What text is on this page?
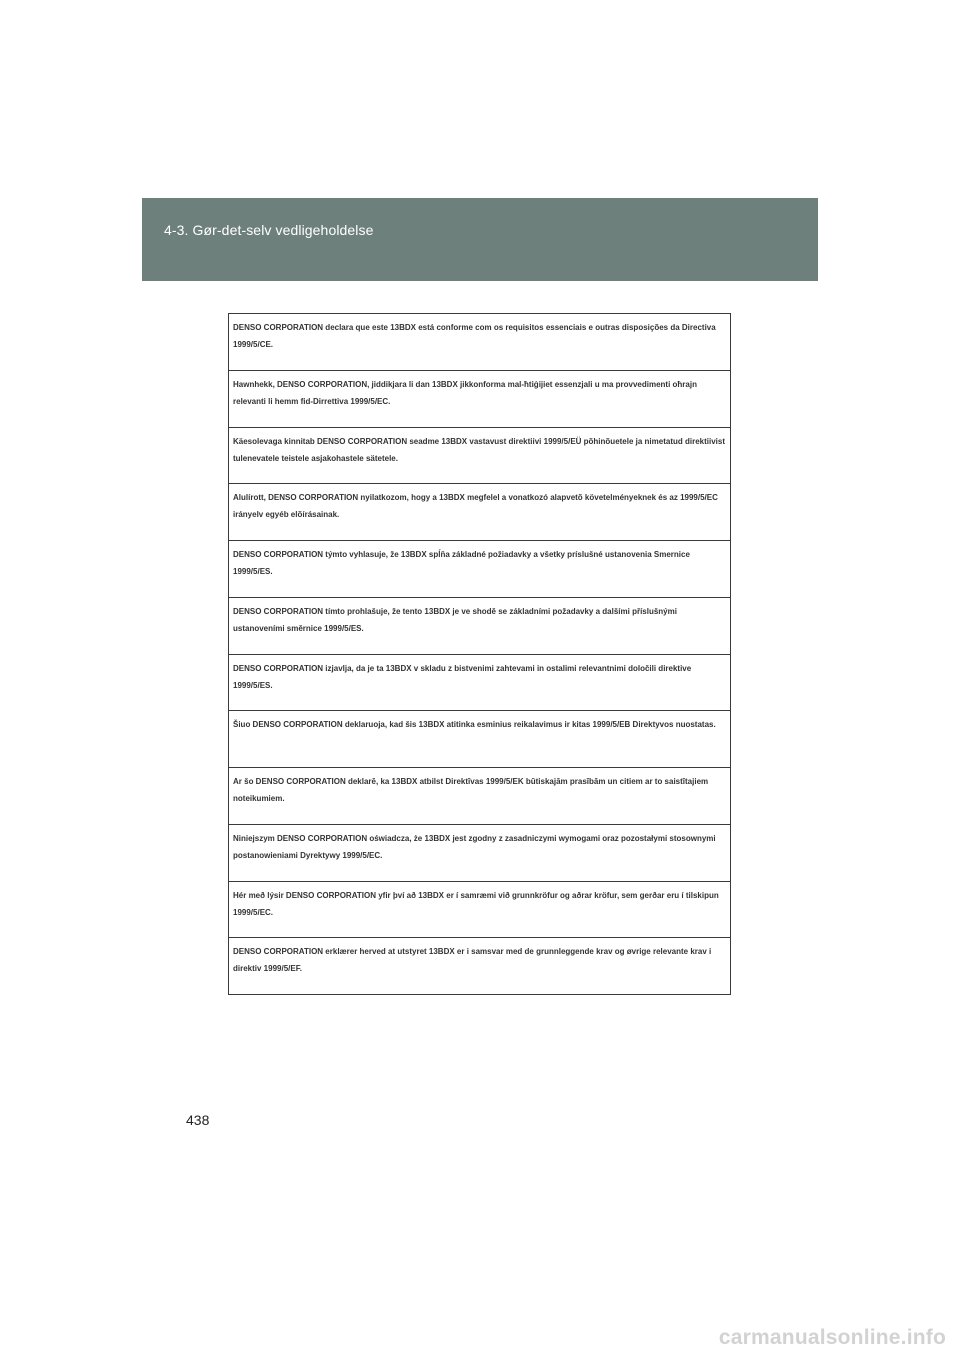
4-3. Gør-det-selv vedligeholdelse
DENSO CORPORATION declara que este 13BDX está conforme com os requisitos essenciais e outras disposições da Directiva 1999/5/CE.
Hawnhekk, DENSO CORPORATION, jiddikjara li dan 13BDX jikkonforma mal-ħtiġijiet essenzjali u ma provvedimenti oħrajn relevanti li hemm fid-Dirrettiva 1999/5/EC.
Käesolevaga kinnitab DENSO CORPORATION seadme 13BDX vastavust direktiivi 1999/5/EÜ põhinõuetele ja nimetatud direktiivist tulenevatele teistele asjakohastele sätetele.
Alulírott, DENSO CORPORATION nyilatkozom, hogy a 13BDX megfelel a vonatkozó alapvetõ követelményeknek és az 1999/5/EC irányelv egyéb elõírásainak.
DENSO CORPORATION týmto vyhlasuje, že 13BDX spĺňa základné požiadavky a všetky príslušné ustanovenia Smernice 1999/5/ES.
DENSO CORPORATION tímto prohlašuje, že tento 13BDX je ve shodě se základními požadavky a dalšími příslušnými ustanoveními směrnice 1999/5/ES.
DENSO CORPORATION izjavlja, da je ta 13BDX v skladu z bistvenimi zahtevami in ostalimi relevantnimi določili direktive 1999/5/ES.
Šiuo DENSO CORPORATION deklaruoja, kad šis 13BDX atitinka esminius reikalavimus ir kitas 1999/5/EB Direktyvos nuostatas.
Ar šo DENSO CORPORATION deklarē, ka 13BDX atbilst Direktīvas 1999/5/EK būtiskajām prasībām un citiem ar to saistītajiem noteikumiem.
Niniejszym DENSO CORPORATION oświadcza, że 13BDX jest zgodny z zasadniczymi wymogami oraz pozostałymi stosownymi postanowieniami Dyrektywy 1999/5/EC.
Hér með lýsir DENSO CORPORATION yfir því að 13BDX er í samræmi við grunnkröfur og aðrar kröfur, sem gerðar eru í tilskipun 1999/5/EC.
DENSO CORPORATION erklærer herved at utstyret 13BDX er i samsvar med de grunnleggende krav og øvrige relevante krav i direktiv 1999/5/EF.
438
carmanualsonline.info
